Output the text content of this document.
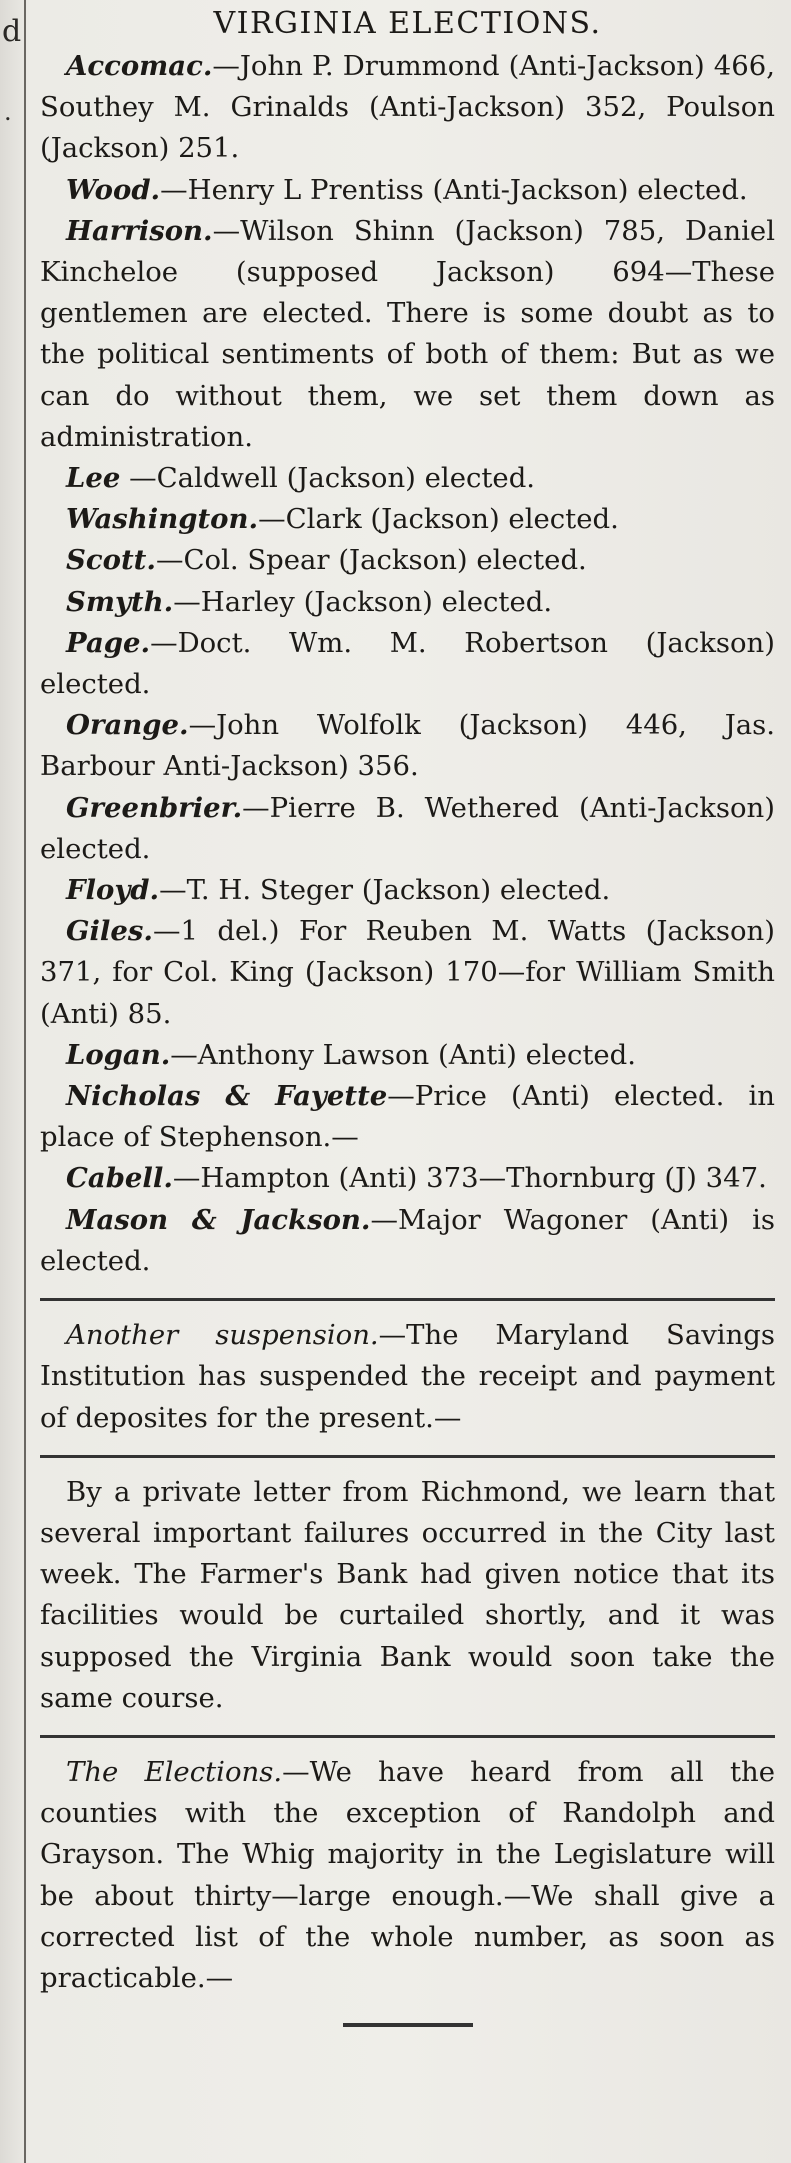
d
.
VIRGINIA ELECTIONS.

Accomac.—John P. Drummond (Anti-Jackson) 466, Southey M. Grinalds (Anti-Jackson) 352, Poulson (Jackson) 251.

Wood.—Henry L Prentiss (Anti-Jackson) elected.

Harrison.—Wilson Shinn (Jackson) 785, Daniel Kincheloe (supposed Jackson) 694—These gentlemen are elected. There is some doubt as to the political sentiments of both of them: But as we can do without them, we set them down as administration.

Lee —Caldwell (Jackson) elected.

Washington.—Clark (Jackson) elected.

Scott.—Col. Spear (Jackson) elected.

Smyth.—Harley (Jackson) elected.

Page.—Doct. Wm. M. Robertson (Jackson) elected.

Orange.—John Wolfolk (Jackson) 446, Jas. Barbour Anti-Jackson) 356.

Greenbrier.—Pierre B. Wethered (Anti-Jackson) elected.

Floyd.—T. H. Steger (Jackson) elected.

Giles.—1 del.) For Reuben M. Watts (Jackson) 371, for Col. King (Jackson) 170—for William Smith (Anti) 85.

Logan.—Anthony Lawson (Anti) elected.

Nicholas & Fayette—Price (Anti) elected. in place of Stephenson.—

Cabell.—Hampton (Anti) 373—Thornburg (J) 347.

Mason & Jackson.—Major Wagoner (Anti) is elected.

Another suspension.—The Maryland Savings Institution has suspended the receipt and payment of deposites for the present.—

By a private letter from Richmond, we learn that several important failures occurred in the City last week. The Farmer's Bank had given notice that its facilities would be curtailed shortly, and it was supposed the Virginia Bank would soon take the same course.

The Elections.—We have heard from all the counties with the exception of Randolph and Grayson. The Whig majority in the Legislature will be about thirty—large enough.—We shall give a corrected list of the whole number, as soon as practicable.—
